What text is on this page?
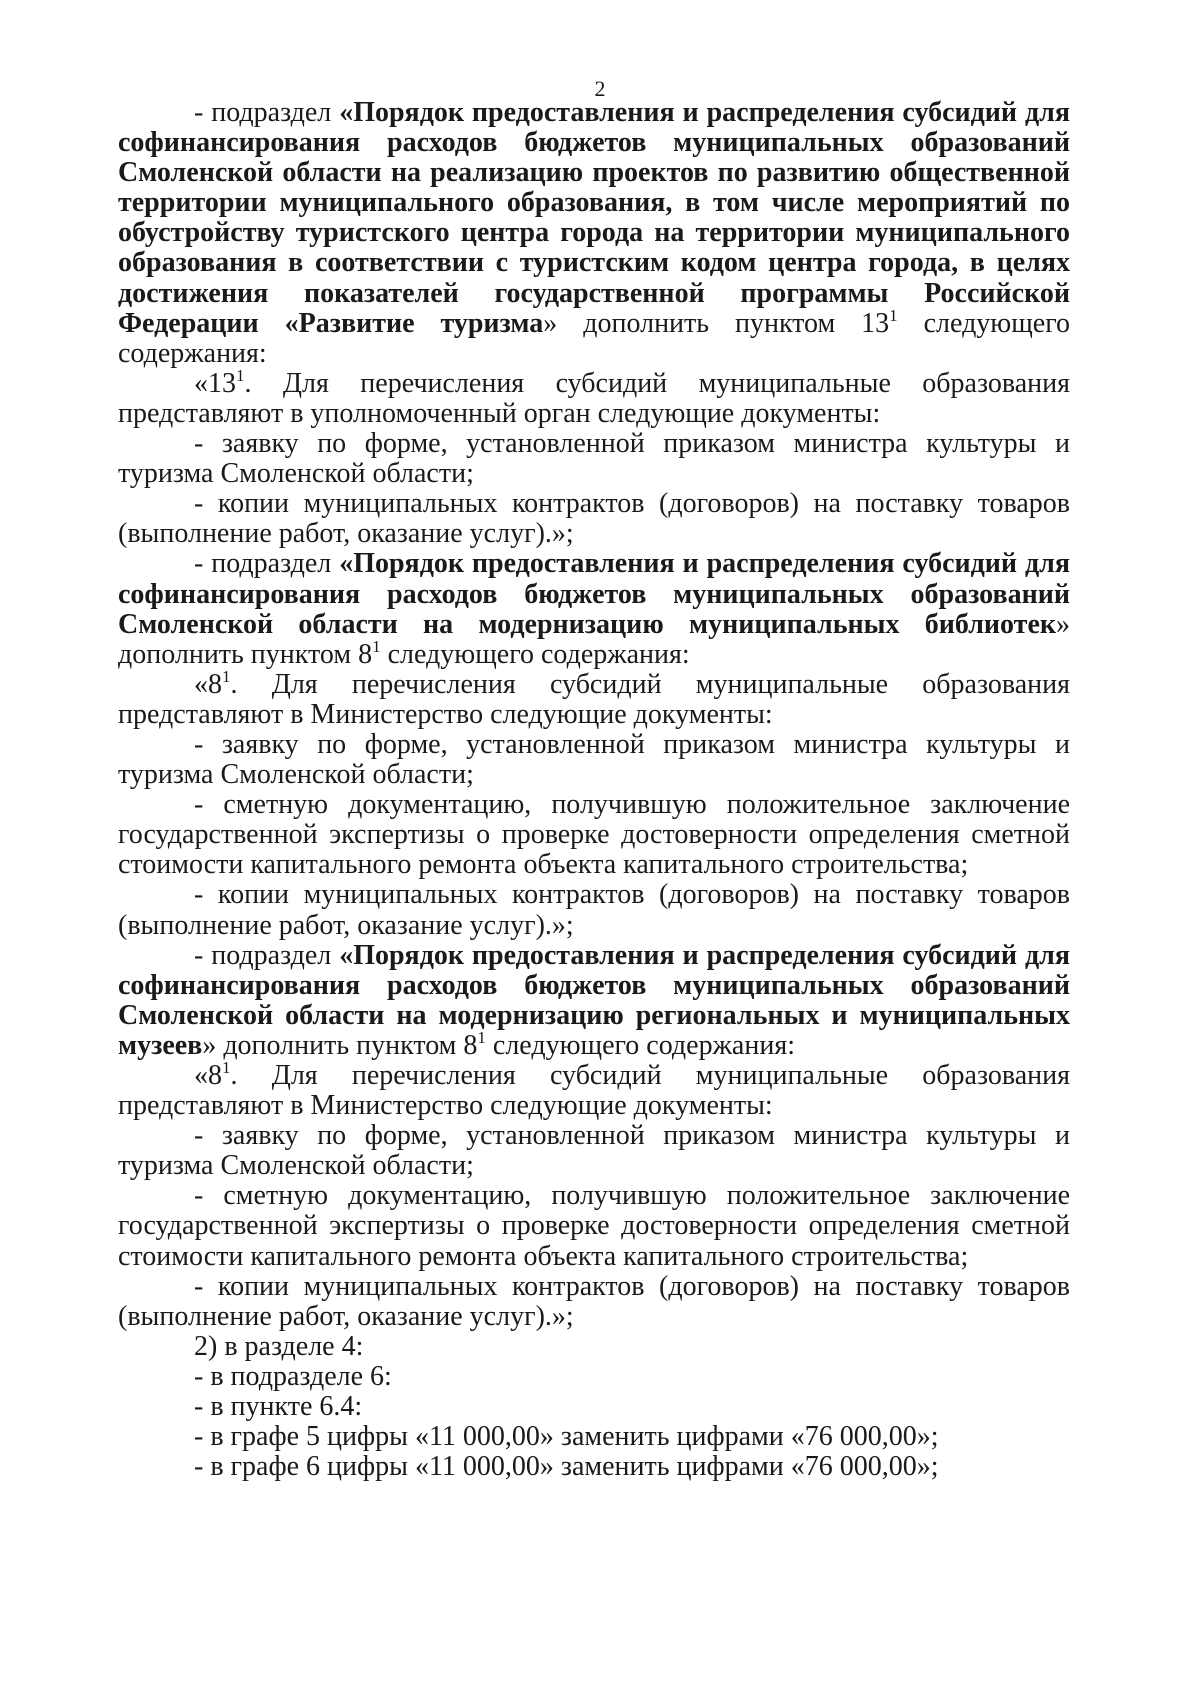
2

- подраздел «Порядок предоставления и распределения субсидий для софинансирования расходов бюджетов муниципальных образований Смоленской области на реализацию проектов по развитию общественной территории муниципального образования, в том числе мероприятий по обустройству туристского центра города на территории муниципального образования в соответствии с туристским кодом центра города, в целях достижения показателей государственной программы Российской Федерации «Развитие туризма» дополнить пунктом $13^1$ следующего содержания:

«$13^1$. Для перечисления субсидий муниципальные образования представляют в уполномоченный орган следующие документы:

- заявку по форме, установленной приказом министра культуры и туризма Смоленской области;

- копии муниципальных контрактов (договоров) на поставку товаров (выполнение работ, оказание услуг).»;

- подраздел «Порядок предоставления и распределения субсидий для софинансирования расходов бюджетов муниципальных образований Смоленской области на модернизацию муниципальных библиотек» дополнить пунктом $8^1$ следующего содержания:

«$8^1$. Для перечисления субсидий муниципальные образования представляют в Министерство следующие документы:

- заявку по форме, установленной приказом министра культуры и туризма Смоленской области;

- сметную документацию, получившую положительное заключение государственной экспертизы о проверке достоверности определения сметной стоимости капитального ремонта объекта капитального строительства;

- копии муниципальных контрактов (договоров) на поставку товаров (выполнение работ, оказание услуг).»;

- подраздел «Порядок предоставления и распределения субсидий для софинансирования расходов бюджетов муниципальных образований Смоленской области на модернизацию региональных и муниципальных музеев» дополнить пунктом $8^1$ следующего содержания:

«$8^1$. Для перечисления субсидий муниципальные образования представляют в Министерство следующие документы:

- заявку по форме, установленной приказом министра культуры и туризма Смоленской области;

- сметную документацию, получившую положительное заключение государственной экспертизы о проверке достоверности определения сметной стоимости капитального ремонта объекта капитального строительства;

- копии муниципальных контрактов (договоров) на поставку товаров (выполнение работ, оказание услуг).»;

2) в разделе 4:

- в подразделе 6:

- в пункте 6.4:

- в графе 5 цифры «11 000,00» заменить цифрами «76 000,00»;

- в графе 6 цифры «11 000,00» заменить цифрами «76 000,00»;
